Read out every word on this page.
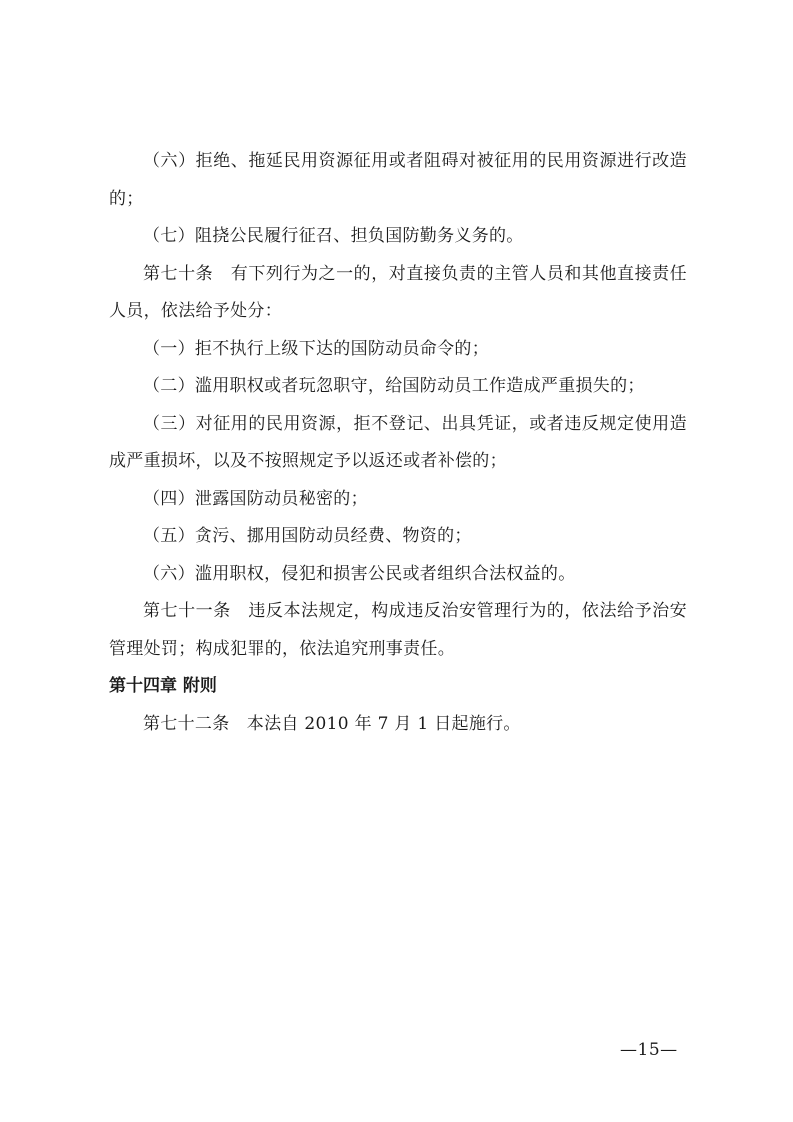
（六）拒绝、拖延民用资源征用或者阻碍对被征用的民用资源进行改造的；

（七）阻挠公民履行征召、担负国防勤务义务的。

第七十条　有下列行为之一的，对直接负责的主管人员和其他直接责任人员，依法给予处分：

（一）拒不执行上级下达的国防动员命令的；

（二）滥用职权或者玩忽职守，给国防动员工作造成严重损失的；

（三）对征用的民用资源，拒不登记、出具凭证，或者违反规定使用造成严重损坏，以及不按照规定予以返还或者补偿的；

（四）泄露国防动员秘密的；

（五）贪污、挪用国防动员经费、物资的；

（六）滥用职权，侵犯和损害公民或者组织合法权益的。

第七十一条　违反本法规定，构成违反治安管理行为的，依法给予治安管理处罚；构成犯罪的，依法追究刑事责任。

第十四章 附则

第七十二条　本法自 2010 年 7 月 1 日起施行。

—15—
